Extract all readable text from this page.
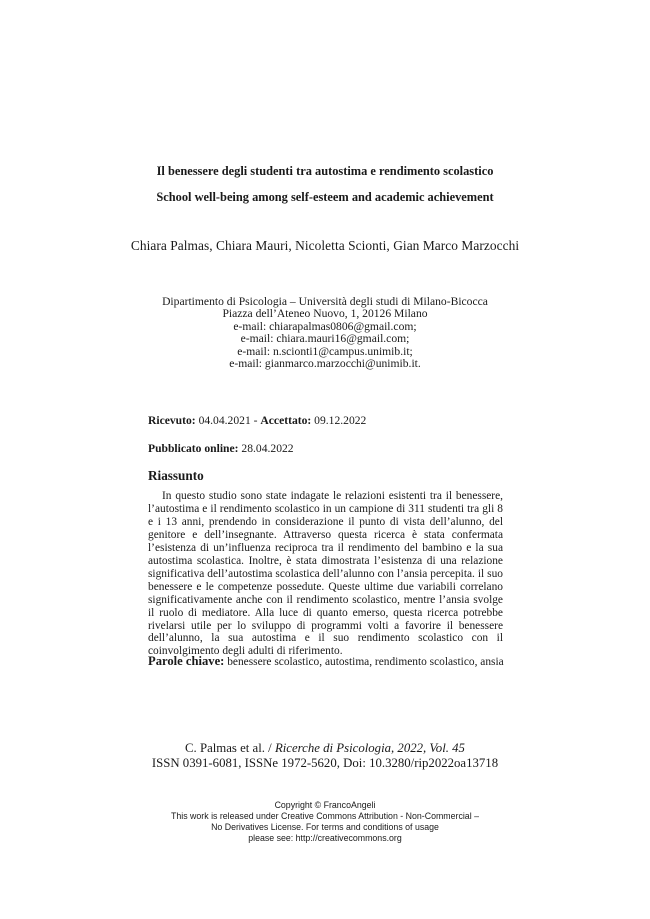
Il benessere degli studenti tra autostima e rendimento scolastico
School well-being among self-esteem and academic achievement
Chiara Palmas, Chiara Mauri, Nicoletta Scionti, Gian Marco Marzocchi
Dipartimento di Psicologia – Università degli studi di Milano-Bicocca
Piazza dell’Ateneo Nuovo, 1, 20126 Milano
e-mail: chiarapalmas0806@gmail.com;
e-mail: chiara.mauri16@gmail.com;
e-mail: n.scionti1@campus.unimib.it;
e-mail: gianmarco.marzocchi@unimib.it.
Ricevuto: 04.04.2021 - Accettato: 09.12.2022
Pubblicato online: 28.04.2022
Riassunto
In questo studio sono state indagate le relazioni esistenti tra il benessere, l’autostima e il rendimento scolastico in un campione di 311 studenti tra gli 8 e i 13 anni, prendendo in considerazione il punto di vista dell’alunno, del genitore e dell’insegnante. Attraverso questa ricerca è stata confermata l’esistenza di un’influenza reciproca tra il rendimento del bambino e la sua autostima scolastica. Inoltre, è stata dimostrata l’esistenza di una relazione significativa dell’autostima scolastica dell’alunno con l’ansia percepita. il suo benessere e le competenze possedute. Queste ultime due variabili correlano significativamente anche con il rendimento scolastico, mentre l’ansia svolge il ruolo di mediatore. Alla luce di quanto emerso, questa ricerca potrebbe rivelarsi utile per lo sviluppo di programmi volti a favorire il benessere dell’alunno, la sua autostima e il suo rendimento scolastico con il coinvolgimento degli adulti di riferimento.
Parole chiave: benessere scolastico, autostima, rendimento scolastico, ansia
C. Palmas et al. / Ricerche di Psicologia, 2022, Vol. 45
ISSN 0391-6081, ISSNe 1972-5620, Doi: 10.3280/rip2022oa13718
Copyright © FrancoAngeli
This work is released under Creative Commons Attribution - Non-Commercial –
No Derivatives License. For terms and conditions of usage
please see: http://creativecommons.org
